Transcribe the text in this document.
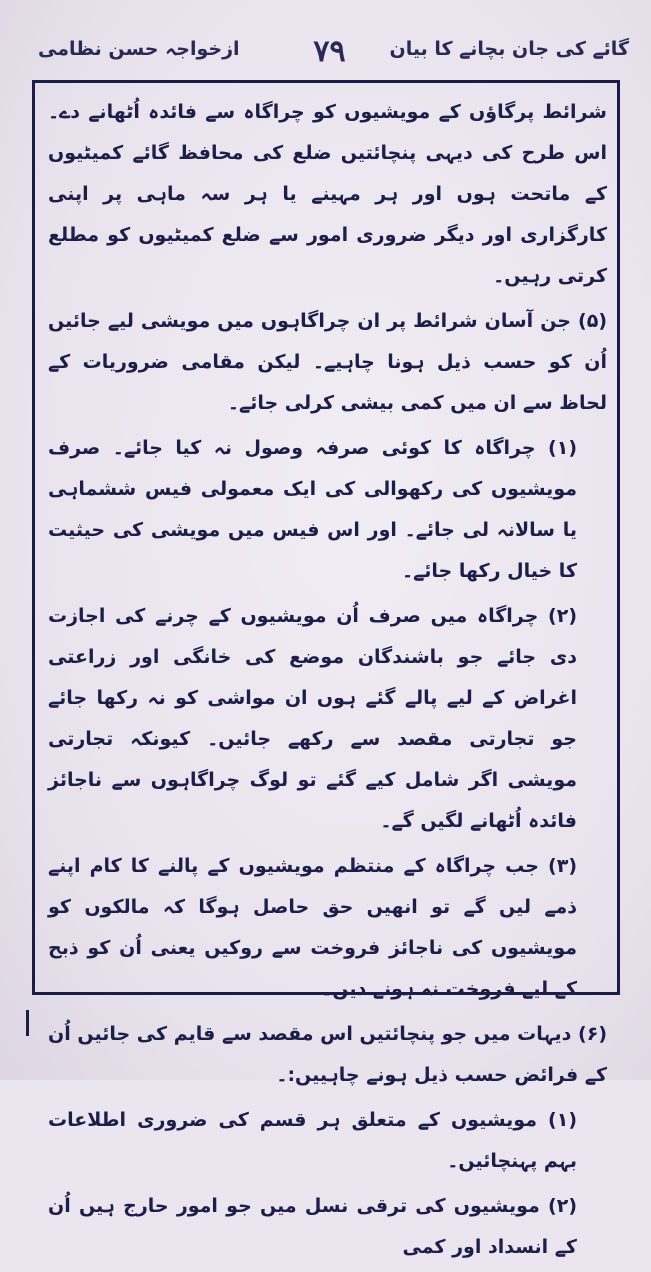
گائے کی جان بچانے کا بیان
۷۹
ازخواجہ حسن نظامی

شرائط پرگاؤں کے مویشیوں کو چراگاہ سے فائدہ اُٹھانے دے۔ اس طرح کی دیہی پنچائتیں ضلع کی محافظ گائے کمیٹیوں کے ماتحت ہوں اور ہر مہینے یا ہر سہ ماہی پر اپنی کارگزاری اور دیگر ضروری امور سے ضلع کمیٹیوں کو مطلع کرتی رہیں۔

(۵) جن آسان شرائط پر ان چراگاہوں میں مویشی لیے جائیں اُن کو حسب ذیل ہونا چاہیے۔ لیکن مقامی ضروریات کے لحاظ سے ان میں کمی بیشی کرلی جائے۔

(۱) چراگاہ کا کوئی صرفہ وصول نہ کیا جائے۔ صرف مویشیوں کی رکھوالی کی ایک معمولی فیس ششماہی یا سالانہ لی جائے۔ اور اس فیس میں مویشی کی حیثیت کا خیال رکھا جائے۔

(۲) چراگاہ میں صرف اُن مویشیوں کے چرنے کی اجازت دی جائے جو باشندگان موضع کی خانگی اور زراعتی اغراض کے لیے پالے گئے ہوں ان مواشی کو نہ رکھا جائے جو تجارتی مقصد سے رکھے جائیں۔ کیونکہ تجارتی مویشی اگر شامل کیے گئے تو لوگ چراگاہوں سے ناجائز فائدہ اُٹھانے لگیں گے۔

(۳) جب چراگاہ کے منتظم مویشیوں کے پالنے کا کام اپنے ذمے لیں گے تو انھیں حق حاصل ہوگا کہ مالکوں کو مویشیوں کی ناجائز فروخت سے روکیں یعنی اُن کو ذبح کے لیے فروخت نہ ہونے دیں۔

(۶) دیہات میں جو پنچائتیں اس مقصد سے قایم کی جائیں اُن کے فرائض حسب ذیل ہونے چاہییں:۔

(۱) مویشیوں کے متعلق ہر قسم کی ضروری اطلاعات بہم پہنچائیں۔

(۲) مویشیوں کی ترقی نسل میں جو امور حارج ہیں اُن کے انسداد اور کمی
